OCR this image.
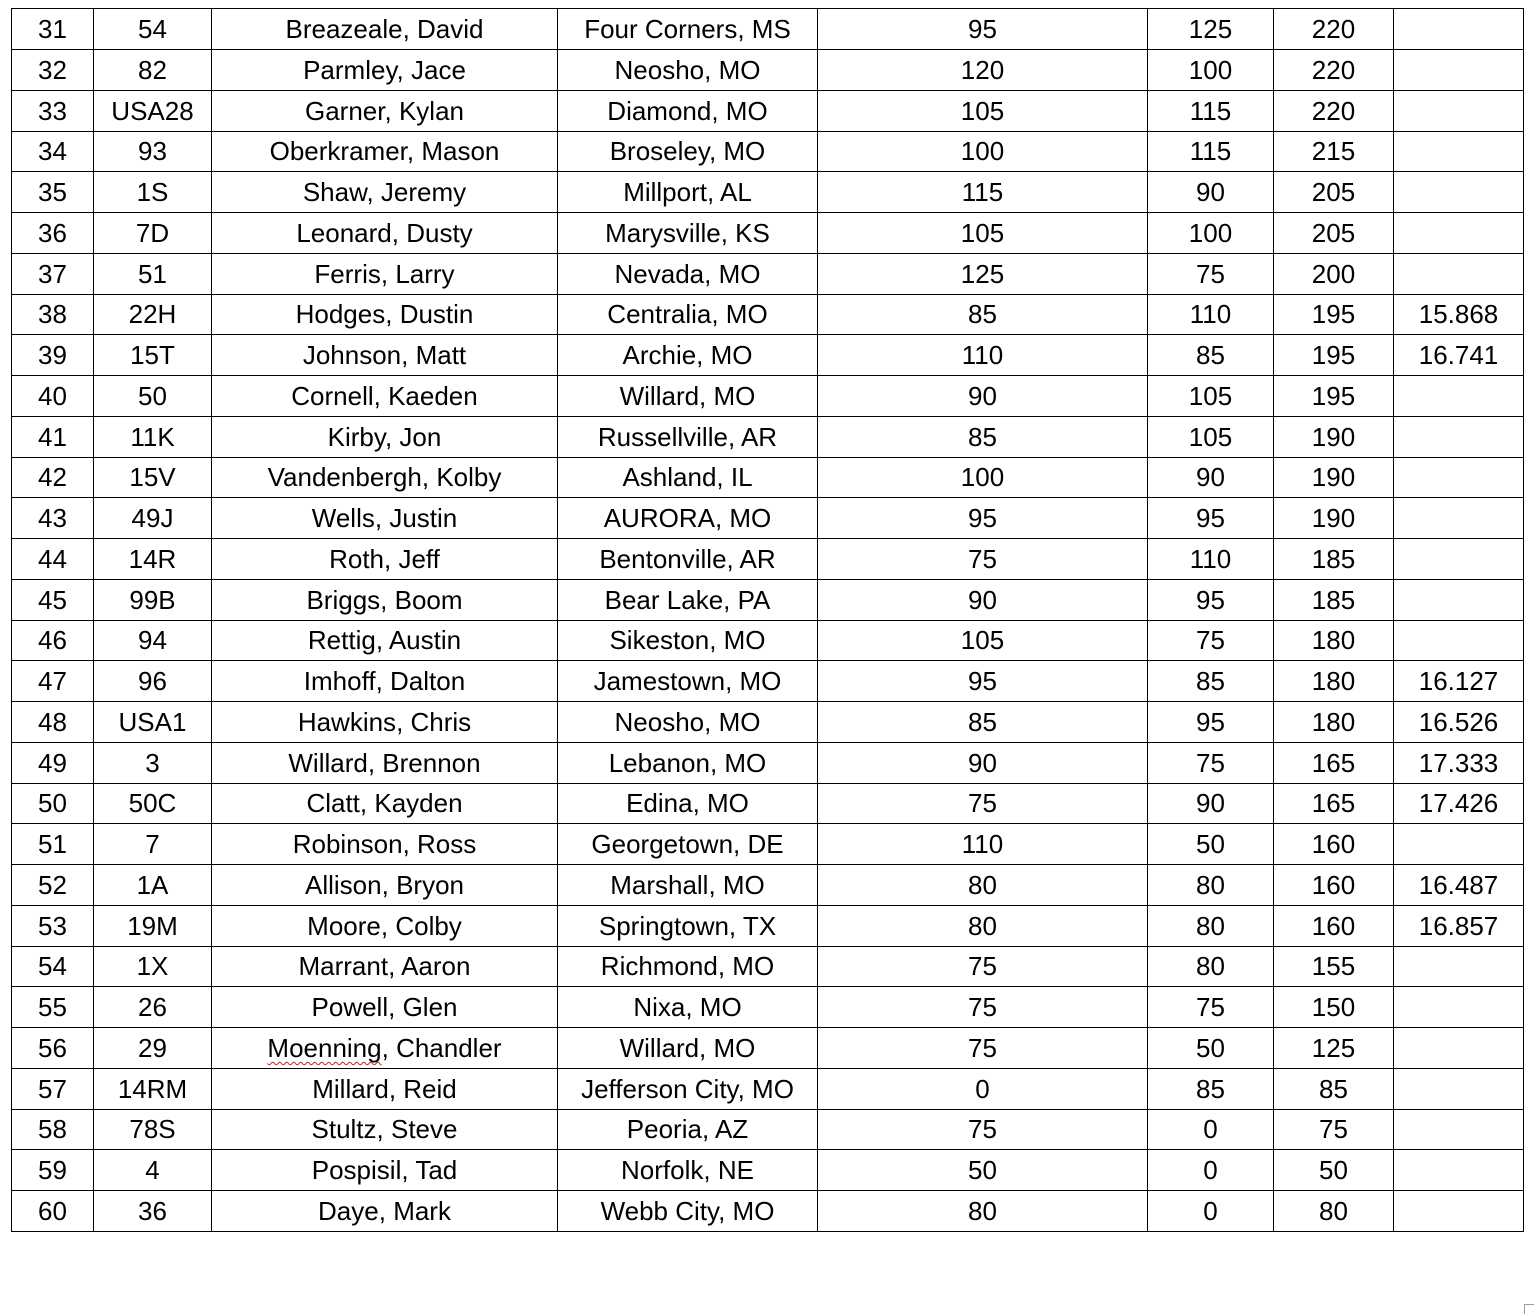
31	54	Breazeale, David	Four Corners, MS	95	125	220	
32	82	Parmley, Jace	Neosho, MO	120	100	220	
33	USA28	Garner, Kylan	Diamond, MO	105	115	220	
34	93	Oberkramer, Mason	Broseley, MO	100	115	215	
35	1S	Shaw, Jeremy	Millport, AL	115	90	205	
36	7D	Leonard, Dusty	Marysville, KS	105	100	205	
37	51	Ferris, Larry	Nevada, MO	125	75	200	
38	22H	Hodges, Dustin	Centralia, MO	85	110	195	15.868
39	15T	Johnson, Matt	Archie, MO	110	85	195	16.741
40	50	Cornell, Kaeden	Willard, MO	90	105	195	
41	11K	Kirby, Jon	Russellville, AR	85	105	190	
42	15V	Vandenbergh, Kolby	Ashland, IL	100	90	190	
43	49J	Wells, Justin	AURORA, MO	95	95	190	
44	14R	Roth, Jeff	Bentonville, AR	75	110	185	
45	99B	Briggs, Boom	Bear Lake, PA	90	95	185	
46	94	Rettig, Austin	Sikeston, MO	105	75	180	
47	96	Imhoff, Dalton	Jamestown, MO	95	85	180	16.127
48	USA1	Hawkins, Chris	Neosho, MO	85	95	180	16.526
49	3	Willard, Brennon	Lebanon, MO	90	75	165	17.333
50	50C	Clatt, Kayden	Edina, MO	75	90	165	17.426
51	7	Robinson, Ross	Georgetown, DE	110	50	160	
52	1A	Allison, Bryon	Marshall, MO	80	80	160	16.487
53	19M	Moore, Colby	Springtown, TX	80	80	160	16.857
54	1X	Marrant, Aaron	Richmond, MO	75	80	155	
55	26	Powell, Glen	Nixa, MO	75	75	150	
56	29	Moenning, Chandler	Willard, MO	75	50	125	
57	14RM	Millard, Reid	Jefferson City, MO	0	85	85	
58	78S	Stultz, Steve	Peoria, AZ	75	0	75	
59	4	Pospisil, Tad	Norfolk, NE	50	0	50	
60	36	Daye, Mark	Webb City, MO	80	0	80	
